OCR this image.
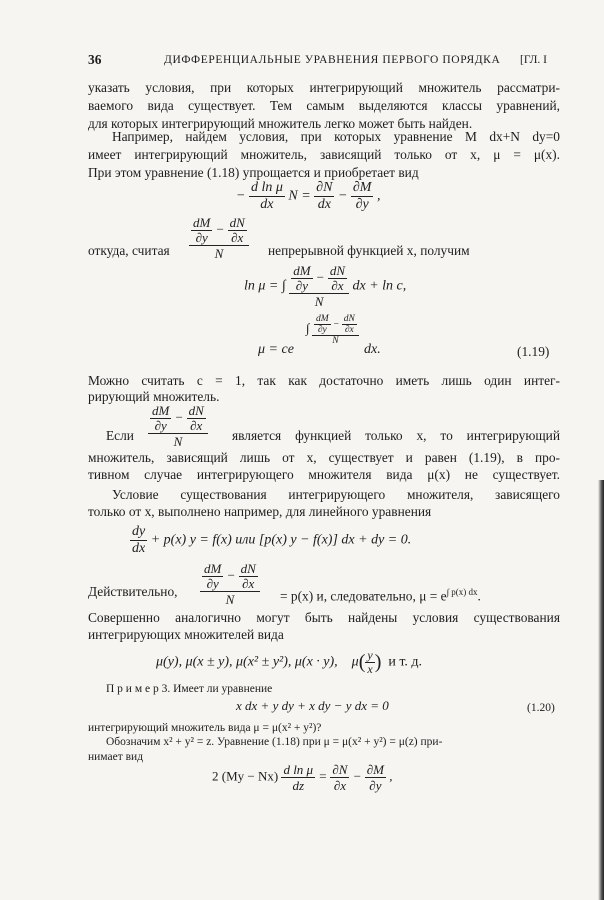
36	ДИФФЕРЕНЦИАЛЬНЫЕ УРАВНЕНИЯ ПЕРВОГО ПОРЯДКА [ГЛ. I
указать условия, при которых интегрирующий множитель рассматри-
ваемого вида существует. Тем самым выделяются классы уравнений,
для которых интегрирующий множитель легко может быть найден.
Например, найдем условия, при которых уравнение M dx+N dy=0
имеет интегрирующий множитель, зависящий только от x, μ = μ(x).
При этом уравнение (1.18) упрощается и приобретает вид
− $\frac{\text{d ln μ}}{dx}$ $N = \frac{\partial N}{dx} - \frac{\partial M}{\partial y}$ ,
откуда, считая $\frac{\frac{dM}{\partial y} - \frac{dN}{\partial x}}{N}$ непрерывной функцией x, получим
ln μ = ∫ $\frac{\frac{dM}{\partial y} - \frac{dN}{\partial x}}{N}$ dx + ln c,
μ = ce
∫ $\frac{\frac{dM}{\partial y} - \frac{dN}{\partial x}}{N}$
dx.	(1.19)
Можно считать c = 1, так как достаточно иметь лишь один интег-
рирующий множитель.
Если $\frac{\frac{dM}{\partial y} - \frac{dN}{\partial x}}{N}$ является функцией только x, то интегрирующий
множитель, зависящий лишь от x, существует и равен (1.19), в про-
тивном случае интегрирующего множителя вида μ(x) не существует.
Условие существования интегрирующего множителя, зависящего
только от x, выполнено например, для линейного уравнения
$\frac{dy}{dx} + p(x) y = f(x)$ или [p(x) y − f(x)] dx + dy = 0.
Действительно, $\frac{\frac{dM}{\partial y} - \frac{dN}{\partial x}}{N} = p(x)$ и, следовательно, $\mu = e^{\int p(x) dx}$.
Совершенно аналогично могут быть найдены условия существования
интегрирующих множителей вида
μ(y), μ(x ± y), μ(x² ± y²), μ(x · y), $\mu( \frac{y}{x}$ ) и т. д.
П р и м е р 3. Имеет ли уравнение
x dx + y dy + x dy − y dx = 0	(1.20)
интегрирующий множитель вида μ = μ(x² + y²)?
Обозначим x² + y² = z. Уравнение (1.18) при μ = μ(x² + y²) = μ(z) при-
нимает вид
2 $(My - Nx) \frac{\text{d ln μ}}{dz} = \frac{\partial N}{\partial x} - \frac{\partial M}{\partial y}$ ,
